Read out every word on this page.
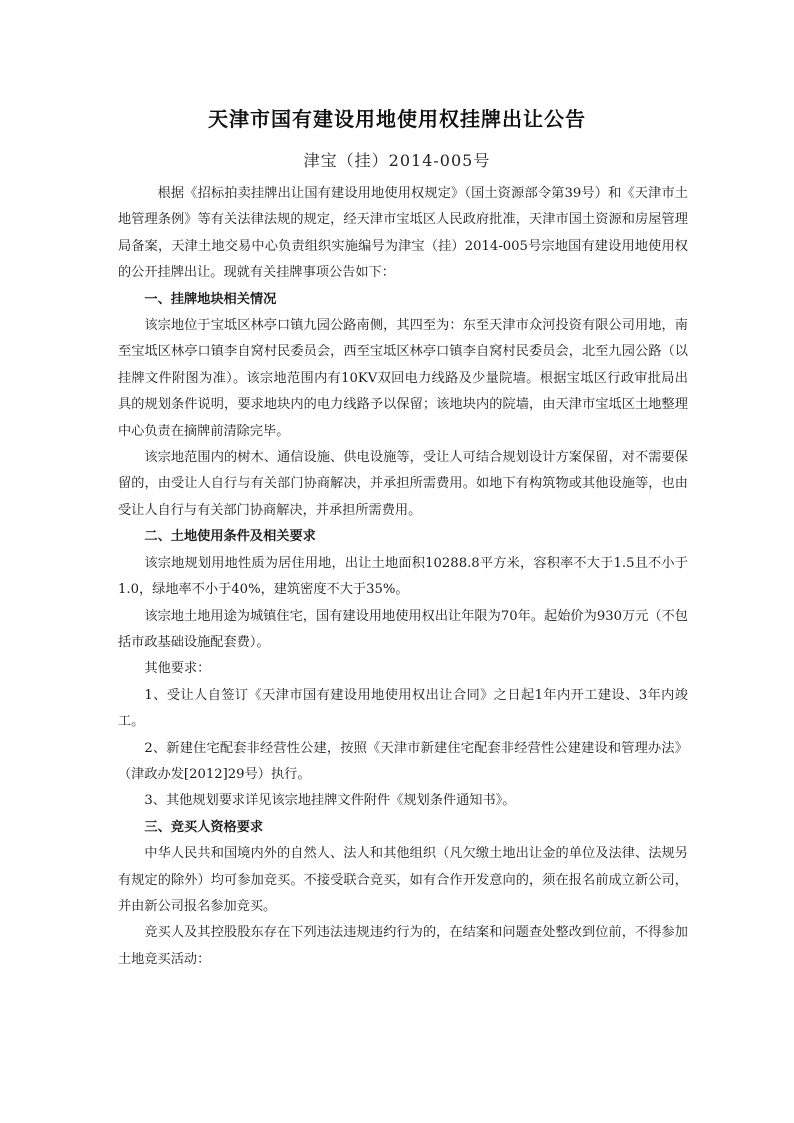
天津市国有建设用地使用权挂牌出让公告
津宝（挂）2014-005号

根据《招标拍卖挂牌出让国有建设用地使用权规定》（国土资源部令第39号）和《天津市土地管理条例》等有关法律法规的规定，经天津市宝坻区人民政府批准，天津市国土资源和房屋管理局备案，天津土地交易中心负责组织实施编号为津宝（挂）2014-005号宗地国有建设用地使用权的公开挂牌出让。现就有关挂牌事项公告如下：

一、挂牌地块相关情况

该宗地位于宝坻区林亭口镇九园公路南侧，其四至为：东至天津市众河投资有限公司用地，南至宝坻区林亭口镇李自窝村民委员会，西至宝坻区林亭口镇李自窝村民委员会，北至九园公路（以挂牌文件附图为准）。该宗地范围内有10KV双回电力线路及少量院墙。根据宝坻区行政审批局出具的规划条件说明，要求地块内的电力线路予以保留；该地块内的院墙，由天津市宝坻区土地整理中心负责在摘牌前清除完毕。

该宗地范围内的树木、通信设施、供电设施等，受让人可结合规划设计方案保留，对不需要保留的，由受让人自行与有关部门协商解决，并承担所需费用。如地下有构筑物或其他设施等，也由受让人自行与有关部门协商解决，并承担所需费用。

二、土地使用条件及相关要求

该宗地规划用地性质为居住用地，出让土地面积10288.8平方米，容积率不大于1.5且不小于1.0，绿地率不小于40%，建筑密度不大于35%。

该宗地土地用途为城镇住宅，国有建设用地使用权出让年限为70年。起始价为930万元（不包括市政基础设施配套费）。

其他要求：

1、受让人自签订《天津市国有建设用地使用权出让合同》之日起1年内开工建设、3年内竣工。

2、新建住宅配套非经营性公建，按照《天津市新建住宅配套非经营性公建建设和管理办法》（津政办发[2012]29号）执行。

3、其他规划要求详见该宗地挂牌文件附件《规划条件通知书》。

三、竞买人资格要求

中华人民共和国境内外的自然人、法人和其他组织（凡欠缴土地出让金的单位及法律、法规另有规定的除外）均可参加竞买。不接受联合竞买，如有合作开发意向的，须在报名前成立新公司，并由新公司报名参加竞买。

竞买人及其控股股东存在下列违法违规违约行为的，在结案和问题查处整改到位前，不得参加土地竞买活动：
